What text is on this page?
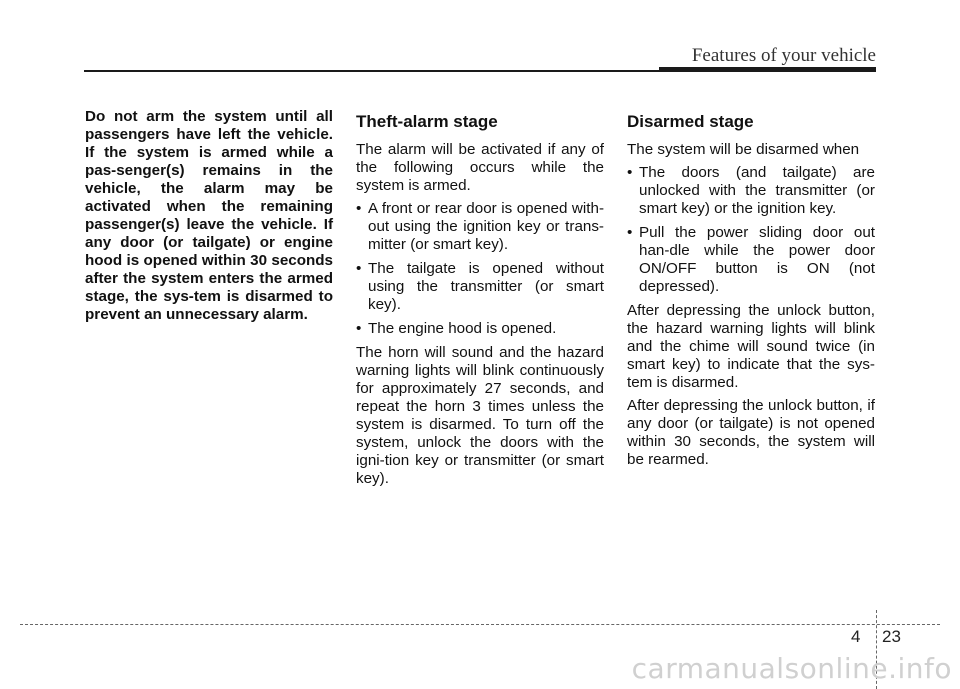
Features of your vehicle

Do not arm the system until all passengers have left the vehicle. If the system is armed while a pas-senger(s) remains in the vehicle, the alarm may be activated when the remaining passenger(s) leave the vehicle. If any door (or tailgate) or engine hood is opened within 30 seconds after the system enters the armed stage, the sys-tem is disarmed to prevent an unnecessary alarm.

Theft-alarm stage

The alarm will be activated if any of the following occurs while the system is armed.

• A front or rear door is opened with-out using the ignition key or trans-mitter (or smart key).
• The tailgate is opened without using the transmitter (or smart key).
• The engine hood is opened.

The horn will sound and the hazard warning lights will blink continuously for approximately 27 seconds, and repeat the horn 3 times unless the system is disarmed. To turn off the system, unlock the doors with the igni-tion key or transmitter (or smart key).

Disarmed stage

The system will be disarmed when

• The doors (and tailgate) are unlocked with the transmitter (or smart key) or the ignition key.
• Pull the power sliding door out han-dle while the power door ON/OFF button is ON (not depressed).

After depressing the unlock button, the hazard warning lights will blink and the chime will sound twice (in smart key) to indicate that the sys-tem is disarmed.

After depressing the unlock button, if any door (or tailgate) is not opened within 30 seconds, the system will be rearmed.

4 23
carmanualsonline.info
